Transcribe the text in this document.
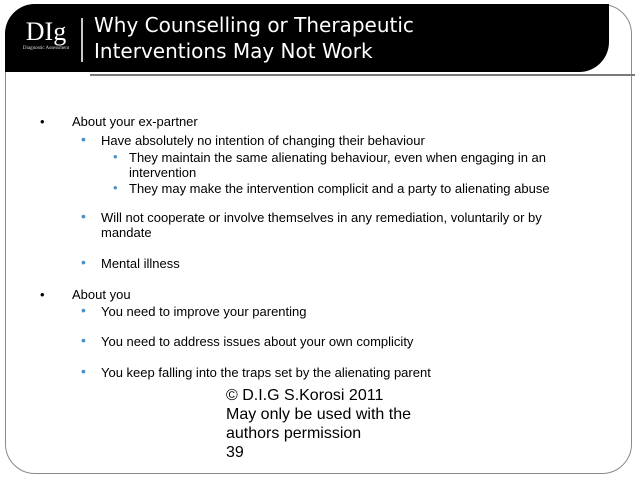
DIg
Diagnostic Assessment
Why Counselling or Therapeutic
Interventions May Not Work
• About your ex-partner
• Have absolutely no intention of changing their behaviour
• They maintain the same alienating behaviour, even when engaging in an
intervention
• They may make the intervention complicit and a party to alienating abuse
• Will not cooperate or involve themselves in any remediation, voluntarily or by
mandate
• Mental illness
• About you
• You need to improve your parenting
• You need to address issues about your own complicity
• You keep falling into the traps set by the alienating parent
© D.I.G S.Korosi 2011
May only be used with the
authors permission
39
